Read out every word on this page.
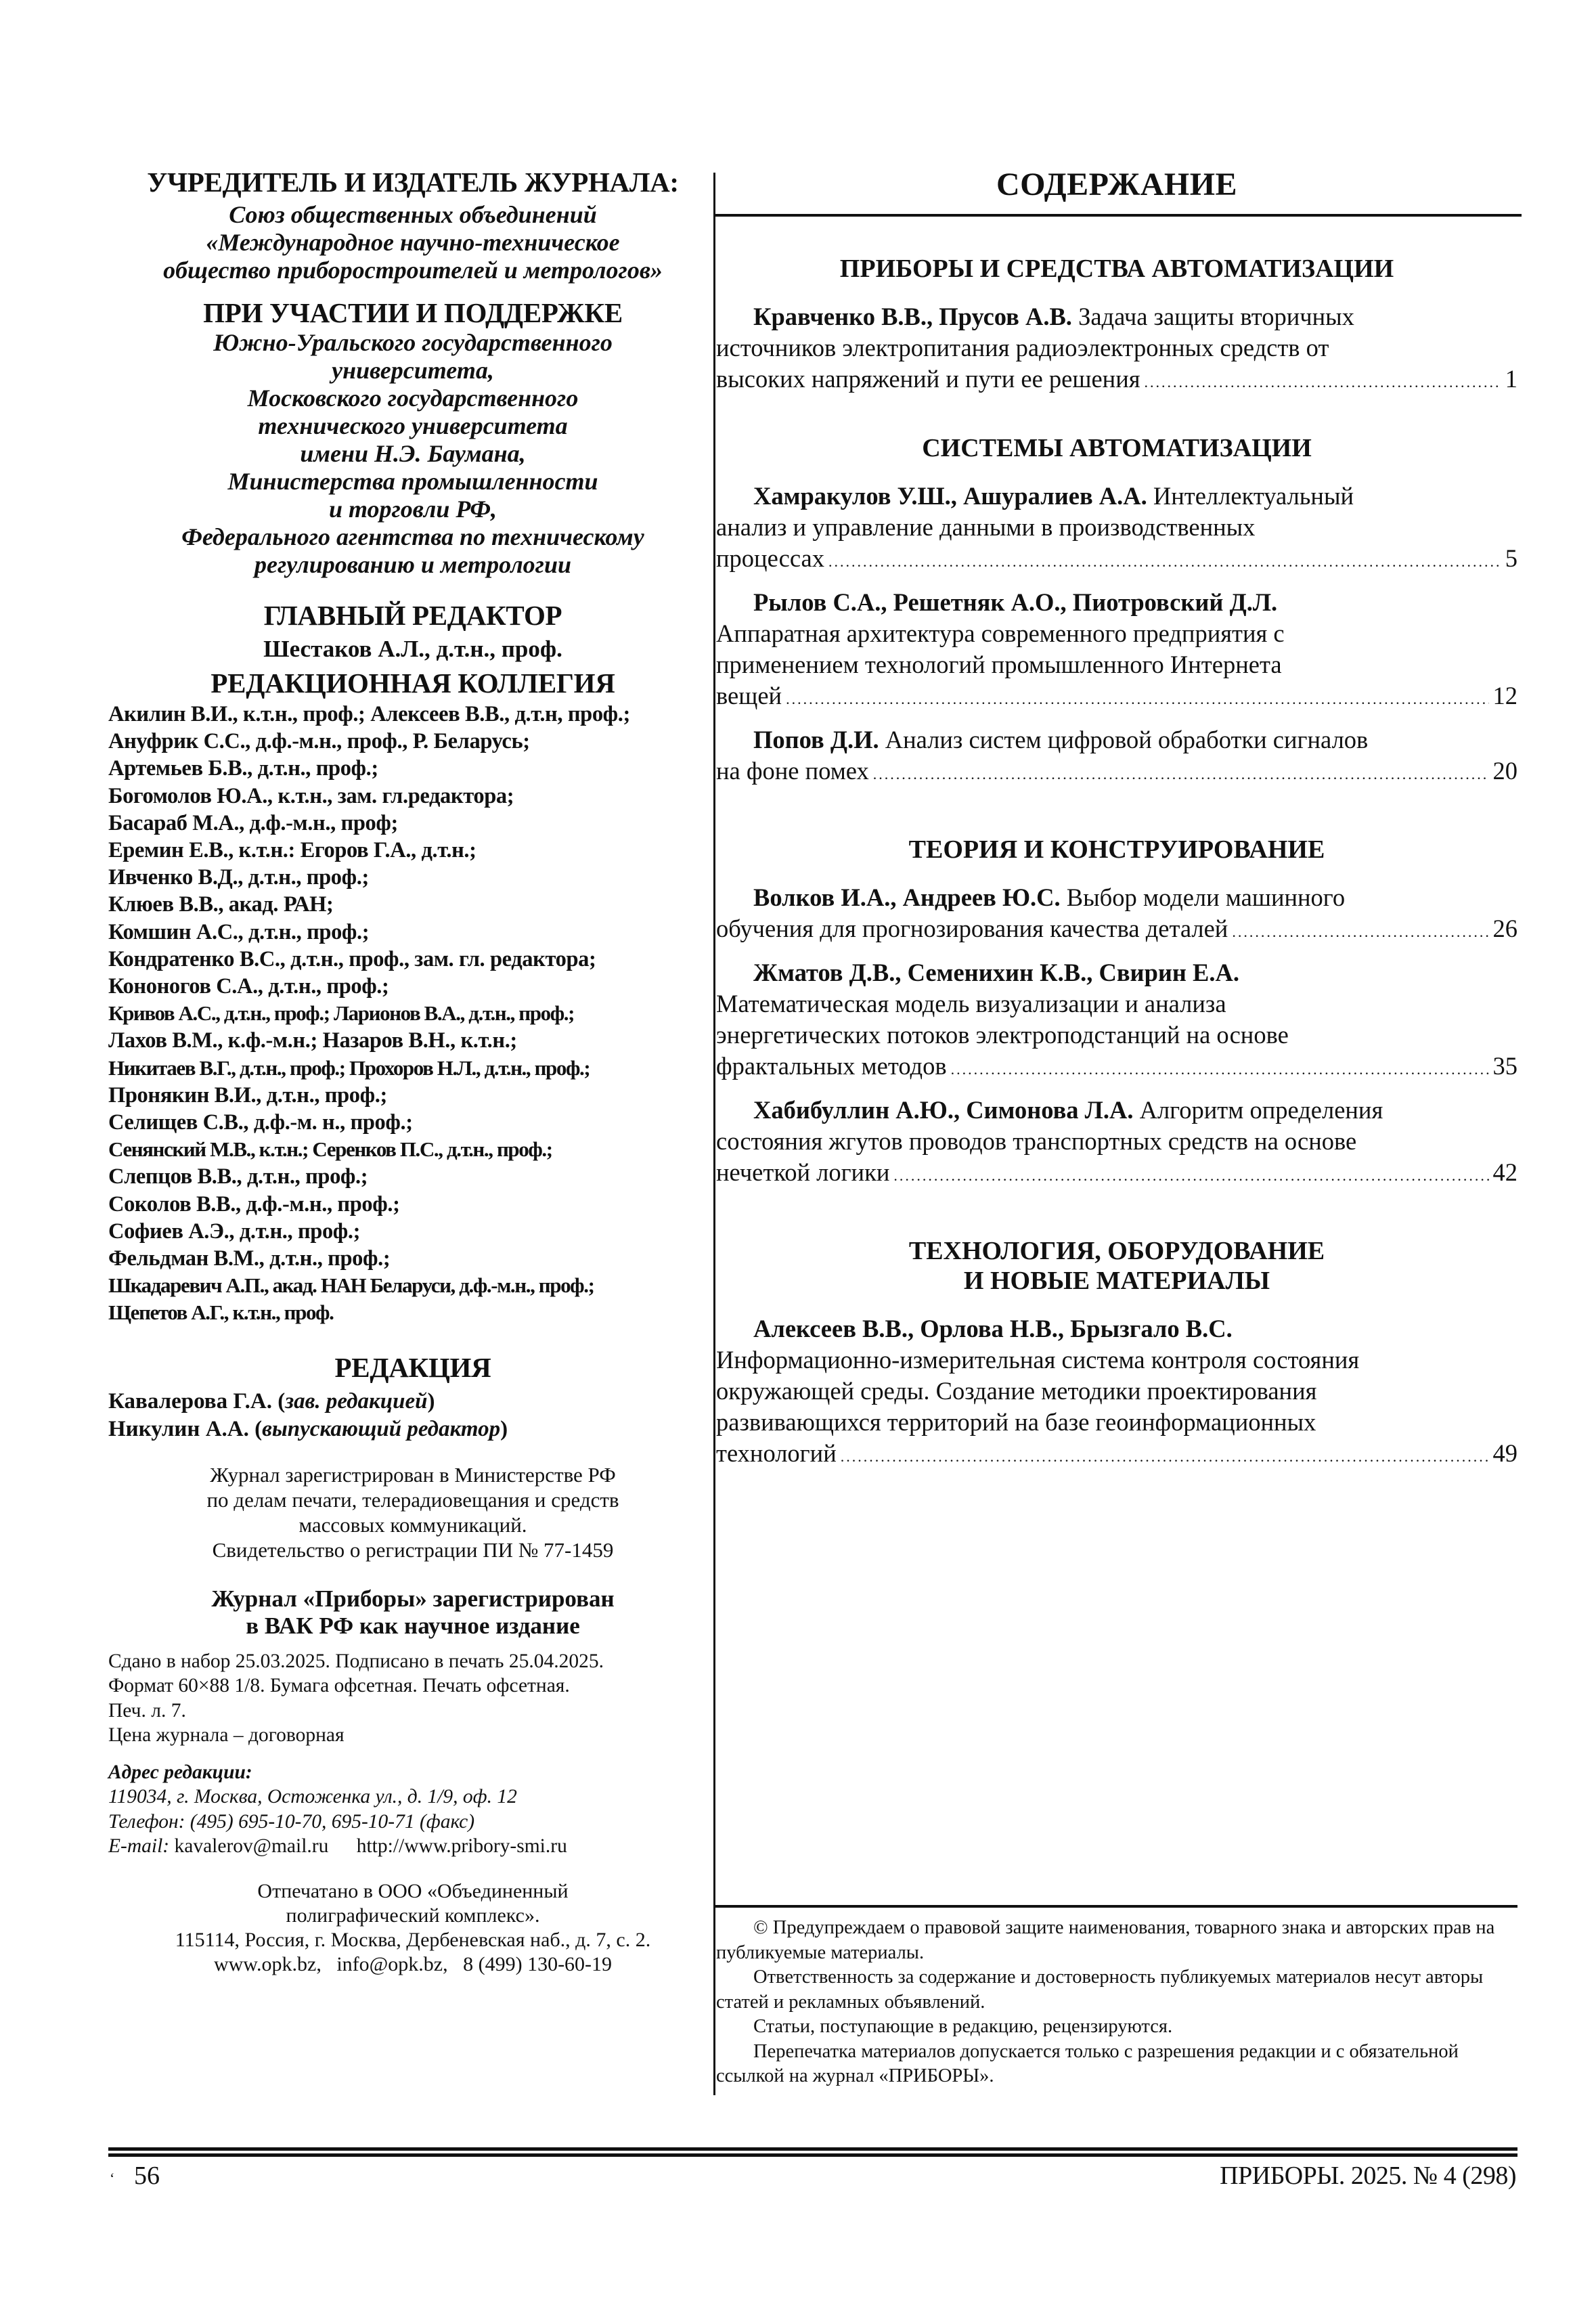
УЧРЕДИТЕЛЬ И ИЗДАТЕЛЬ ЖУРНАЛА:
Союз общественных объединений
«Международное научно-техническое
общество приборостроителей и метрологов»
ПРИ УЧАСТИИ И ПОДДЕРЖКЕ
Южно-Уральского государственного
университета,
Московского государственного
технического университета
имени Н.Э. Баумана,
Министерства промышленности
и торговли РФ,
Федерального агентства по техническому
регулированию и метрологии
ГЛАВНЫЙ РЕДАКТОР
Шестаков А.Л., д.т.н., проф.
РЕДАКЦИОННАЯ КОЛЛЕГИЯ
Акилин В.И., к.т.н., проф.; Алексеев В.В., д.т.н, проф.;
Ануфрик С.С., д.ф.-м.н., проф., Р. Беларусь;
Артемьев Б.В., д.т.н., проф.;
Богомолов Ю.А., к.т.н., зам. гл.редактора;
Басараб М.А., д.ф.-м.н., проф;
Еремин Е.В., к.т.н.: Егоров Г.А., д.т.н.;
Ивченко В.Д., д.т.н., проф.;
Клюев В.В., акад. РАН;
Комшин А.С., д.т.н., проф.;
Кондратенко В.С., д.т.н., проф., зам. гл. редактора;
Кононогов С.А., д.т.н., проф.;
Кривов А.С., д.т.н., проф.; Ларионов В.А., д.т.н., проф.;
Лахов В.М., к.ф.-м.н.; Назаров В.Н., к.т.н.;
Никитаев В.Г., д.т.н., проф.; Прохоров Н.Л., д.т.н., проф.;
Пронякин В.И., д.т.н., проф.;
Селищев С.В., д.ф.-м. н., проф.;
Сенянский М.В., к.т.н.; Серенков П.С., д.т.н., проф.;
Слепцов В.В., д.т.н., проф.;
Соколов В.В., д.ф.-м.н., проф.;
Софиев А.Э., д.т.н., проф.;
Фельдман В.М., д.т.н., проф.;
Шкадаревич А.П., акад. НАН Беларуси, д.ф.-м.н., проф.;
Щепетов А.Г., к.т.н., проф.
РЕДАКЦИЯ
Кавалерова Г.А. (зав. редакцией)
Никулин А.А. (выпускающий редактор)
Журнал зарегистрирован в Министерстве РФ
по делам печати, телерадиовещания и средств
массовых коммуникаций.
Свидетельство о регистрации ПИ № 77-1459
Журнал «Приборы» зарегистрирован
в ВАК РФ как научное издание
Сдано в набор 25.03.2025. Подписано в печать 25.04.2025.
Формат 60×88 1/8. Бумага офсетная. Печать офсетная.
Печ. л. 7.
Цена журнала – договорная
Адрес редакции:
119034, г. Москва, Остоженка ул., д. 1/9, оф. 12
Телефон: (495) 695-10-70, 695-10-71 (факс)
E-mail: kavalerov@mail.ru http://www.pribory-smi.ru
Отпечатано в ООО «Объединенный
полиграфический комплекс».
115114, Россия, г. Москва, Дербеневская наб., д. 7, с. 2.
www.opk.bz,   info@opk.bz,   8 (499) 130-60-19
СОДЕРЖАНИЕ
ПРИБОРЫ И СРЕДСТВА АВТОМАТИЗАЦИИ
Кравченко В.В., Прусов А.В. Задача защиты вторичных
источников электропитания радиоэлектронных средств от
высоких напряжений и пути ее решения .....	1
СИСТЕМЫ АВТОМАТИЗАЦИИ
Хамракулов У.Ш., Ашуралиев А.А. Интеллектуальный
анализ и управление данными в производственных
процессах .....	5
Рылов С.А., Решетняк А.О., Пиотровский Д.Л.
Аппаратная архитектура современного предприятия с
применением технологий промышленного Интернета
вещей .....	12
Попов Д.И. Анализ систем цифровой обработки сигналов
на фоне помех .....	20
ТЕОРИЯ И КОНСТРУИРОВАНИЕ
Волков И.А., Андреев Ю.С. Выбор модели машинного
обучения для прогнозирования качества деталей .....	26
Жматов Д.В., Семенихин К.В., Свирин Е.А.
Математическая модель визуализации и анализа
энергетических потоков электроподстанций на основе
фрактальных методов .....	35
Хабибуллин А.Ю., Симонова Л.А. Алгоритм определения
состояния жгутов проводов транспортных средств на основе
нечеткой логики .....	42
ТЕХНОЛОГИЯ, ОБОРУДОВАНИЕ
И НОВЫЕ МАТЕРИАЛЫ
Алексеев В.В., Орлова Н.В., Брызгало В.С.
Информационно-измерительная система контроля состояния
окружающей среды. Создание методики проектирования
развивающихся территорий на базе геоинформационных
технологий .....	49

© Предупреждаем о правовой защите наименования, товарного знака и авторских прав на публикуемые материалы.

Ответственность за содержание и достоверность публикуемых материалов несут авторы статей и рекламных объявлений.

Статьи, поступающие в редакцию, рецензируются.

Перепечатка материалов допускается только с разрешения редакции и с обязательной ссылкой на журнал «ПРИБОРЫ».

‘ 56	ПРИБОРЫ. 2025. № 4 (298)
